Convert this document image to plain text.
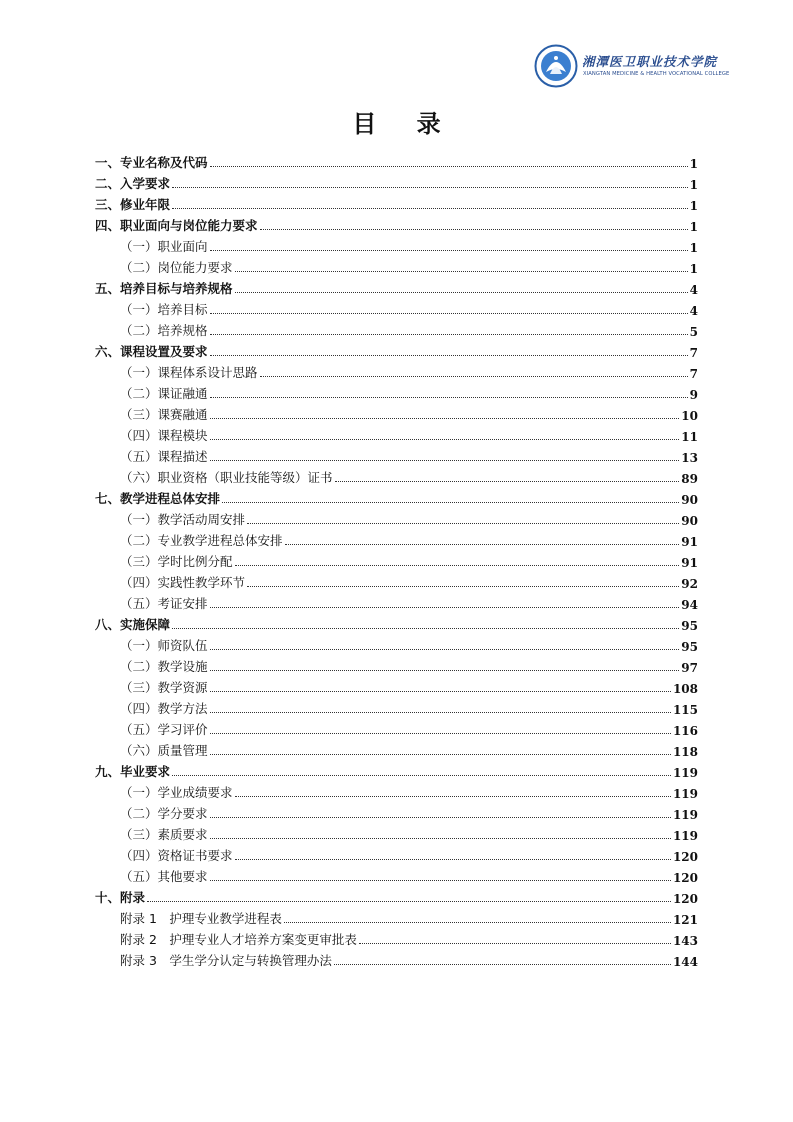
湘潭医卫职业技术学院
XIANGTAN MEDICINE & HEALTH VOCATIONAL COLLEGE
目 录
一、专业名称及代码	1
二、入学要求	1
三、修业年限	1
四、职业面向与岗位能力要求	1
（一）职业面向	1
（二）岗位能力要求	1
五、培养目标与培养规格	4
（一）培养目标	4
（二）培养规格	5
六、课程设置及要求	7
（一）课程体系设计思路	7
（二）课证融通	9
（三）课赛融通	10
（四）课程模块	11
（五）课程描述	13
（六）职业资格（职业技能等级）证书	89
七、教学进程总体安排	90
（一）教学活动周安排	90
（二）专业教学进程总体安排	91
（三）学时比例分配	91
（四）实践性教学环节	92
（五）考证安排	94
八、实施保障	95
（一）师资队伍	95
（二）教学设施	97
（三）教学资源	108
（四）教学方法	115
（五）学习评价	116
（六）质量管理	118
九、毕业要求	119
（一）学业成绩要求	119
（二）学分要求	119
（三）素质要求	119
（四）资格证书要求	120
（五）其他要求	120
十、附录	120
附录 1　护理专业教学进程表	121
附录 2　护理专业人才培养方案变更审批表	143
附录 3　学生学分认定与转换管理办法	144
